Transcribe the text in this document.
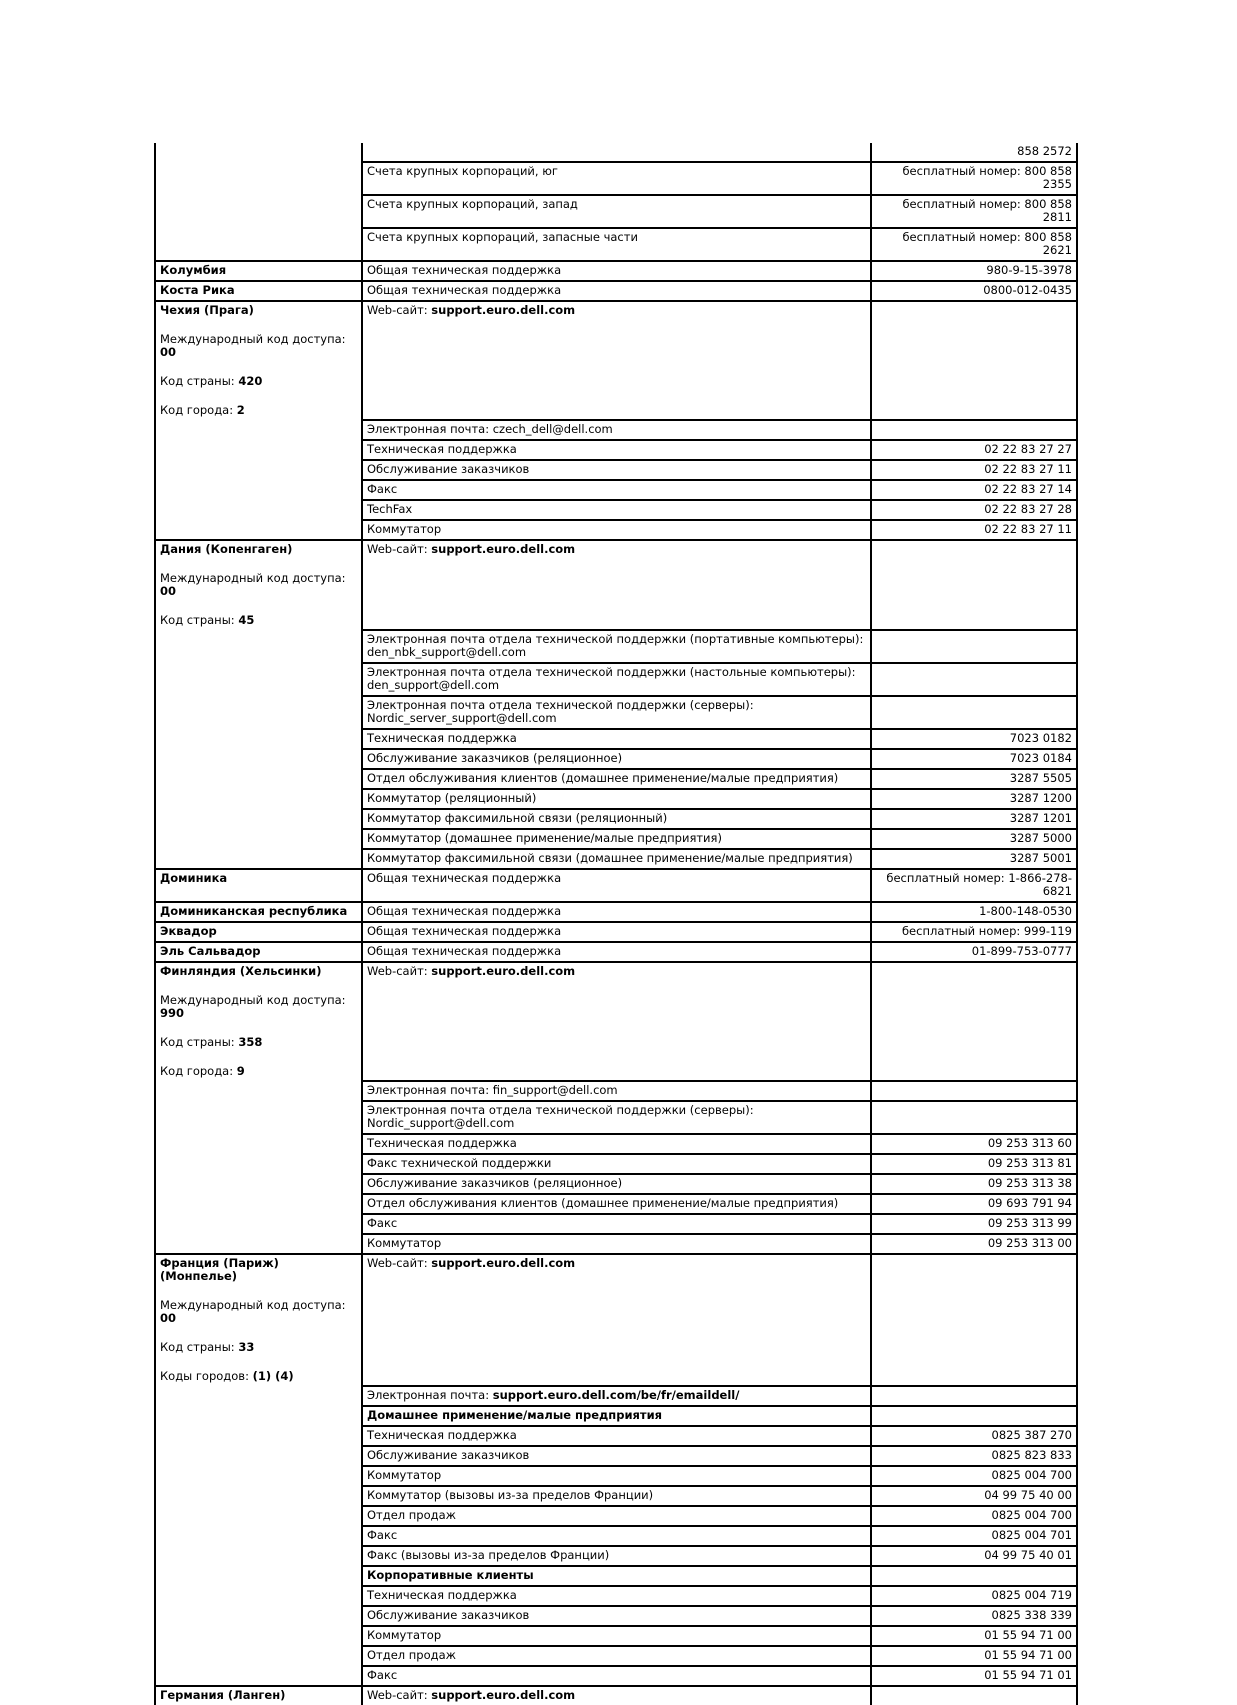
		858 2572
	Счета крупных корпораций, юг	бесплатный номер: 800 858 2355
	Счета крупных корпораций, запад	бесплатный номер: 800 858 2811
	Счета крупных корпораций, запасные части	бесплатный номер: 800 858 2621

Колумбия	Общая техническая поддержка	980-9-15-3978

Коста Рика	Общая техническая поддержка	0800-012-0435

Чехия (Прага)
Международный код доступа: 00
Код страны: 420
Код города: 2	Web-сайт: support.euro.dell.com	
	Электронная почта: czech_dell@dell.com	
	Техническая поддержка	02 22 83 27 27
	Обслуживание заказчиков	02 22 83 27 11
	Факс	02 22 83 27 14
	TechFax	02 22 83 27 28
	Коммутатор	02 22 83 27 11

Дания (Копенгаген)
Международный код доступа: 00
Код страны: 45	Web-сайт: support.euro.dell.com	
	Электронная почта отдела технической поддержки (портативные компьютеры): den_nbk_support@dell.com	
	Электронная почта отдела технической поддержки (настольные компьютеры): den_support@dell.com	
	Электронная почта отдела технической поддержки (серверы): Nordic_server_support@dell.com	
	Техническая поддержка	7023 0182
	Обслуживание заказчиков (реляционное)	7023 0184
	Отдел обслуживания клиентов (домашнее применение/малые предприятия)	3287 5505
	Коммутатор (реляционный)	3287 1200
	Коммутатор факсимильной связи (реляционный)	3287 1201
	Коммутатор (домашнее применение/малые предприятия)	3287 5000
	Коммутатор факсимильной связи (домашнее применение/малые предприятия)	3287 5001

Доминика	Общая техническая поддержка	бесплатный номер: 1-866-278-6821

Доминиканская республика	Общая техническая поддержка	1-800-148-0530

Эквадор	Общая техническая поддержка	бесплатный номер: 999-119

Эль Сальвадор	Общая техническая поддержка	01-899-753-0777

Финляндия (Хельсинки)
Международный код доступа: 990
Код страны: 358
Код города: 9	Web-сайт: support.euro.dell.com	
	Электронная почта: fin_support@dell.com	
	Электронная почта отдела технической поддержки (серверы): Nordic_support@dell.com	
	Техническая поддержка	09 253 313 60
	Факс технической поддержки	09 253 313 81
	Обслуживание заказчиков (реляционное)	09 253 313 38
	Отдел обслуживания клиентов (домашнее применение/малые предприятия)	09 693 791 94
	Факс	09 253 313 99
	Коммутатор	09 253 313 00

Франция (Париж) (Монпелье)
Международный код доступа: 00
Код страны: 33
Коды городов: (1) (4)	Web-сайт: support.euro.dell.com	
	Электронная почта: support.euro.dell.com/be/fr/emaildell/	
	Домашнее применение/малые предприятия	
	Техническая поддержка	0825 387 270
	Обслуживание заказчиков	0825 823 833
	Коммутатор	0825 004 700
	Коммутатор (вызовы из-за пределов Франции)	04 99 75 40 00
	Отдел продаж	0825 004 700
	Факс	0825 004 701
	Факс (вызовы из-за пределов Франции)	04 99 75 40 01
	Корпоративные клиенты	
	Техническая поддержка	0825 004 719
	Обслуживание заказчиков	0825 338 339
	Коммутатор	01 55 94 71 00
	Отдел продаж	01 55 94 71 00
	Факс	01 55 94 71 01

Германия (Ланген)	Web-сайт: support.euro.dell.com	
